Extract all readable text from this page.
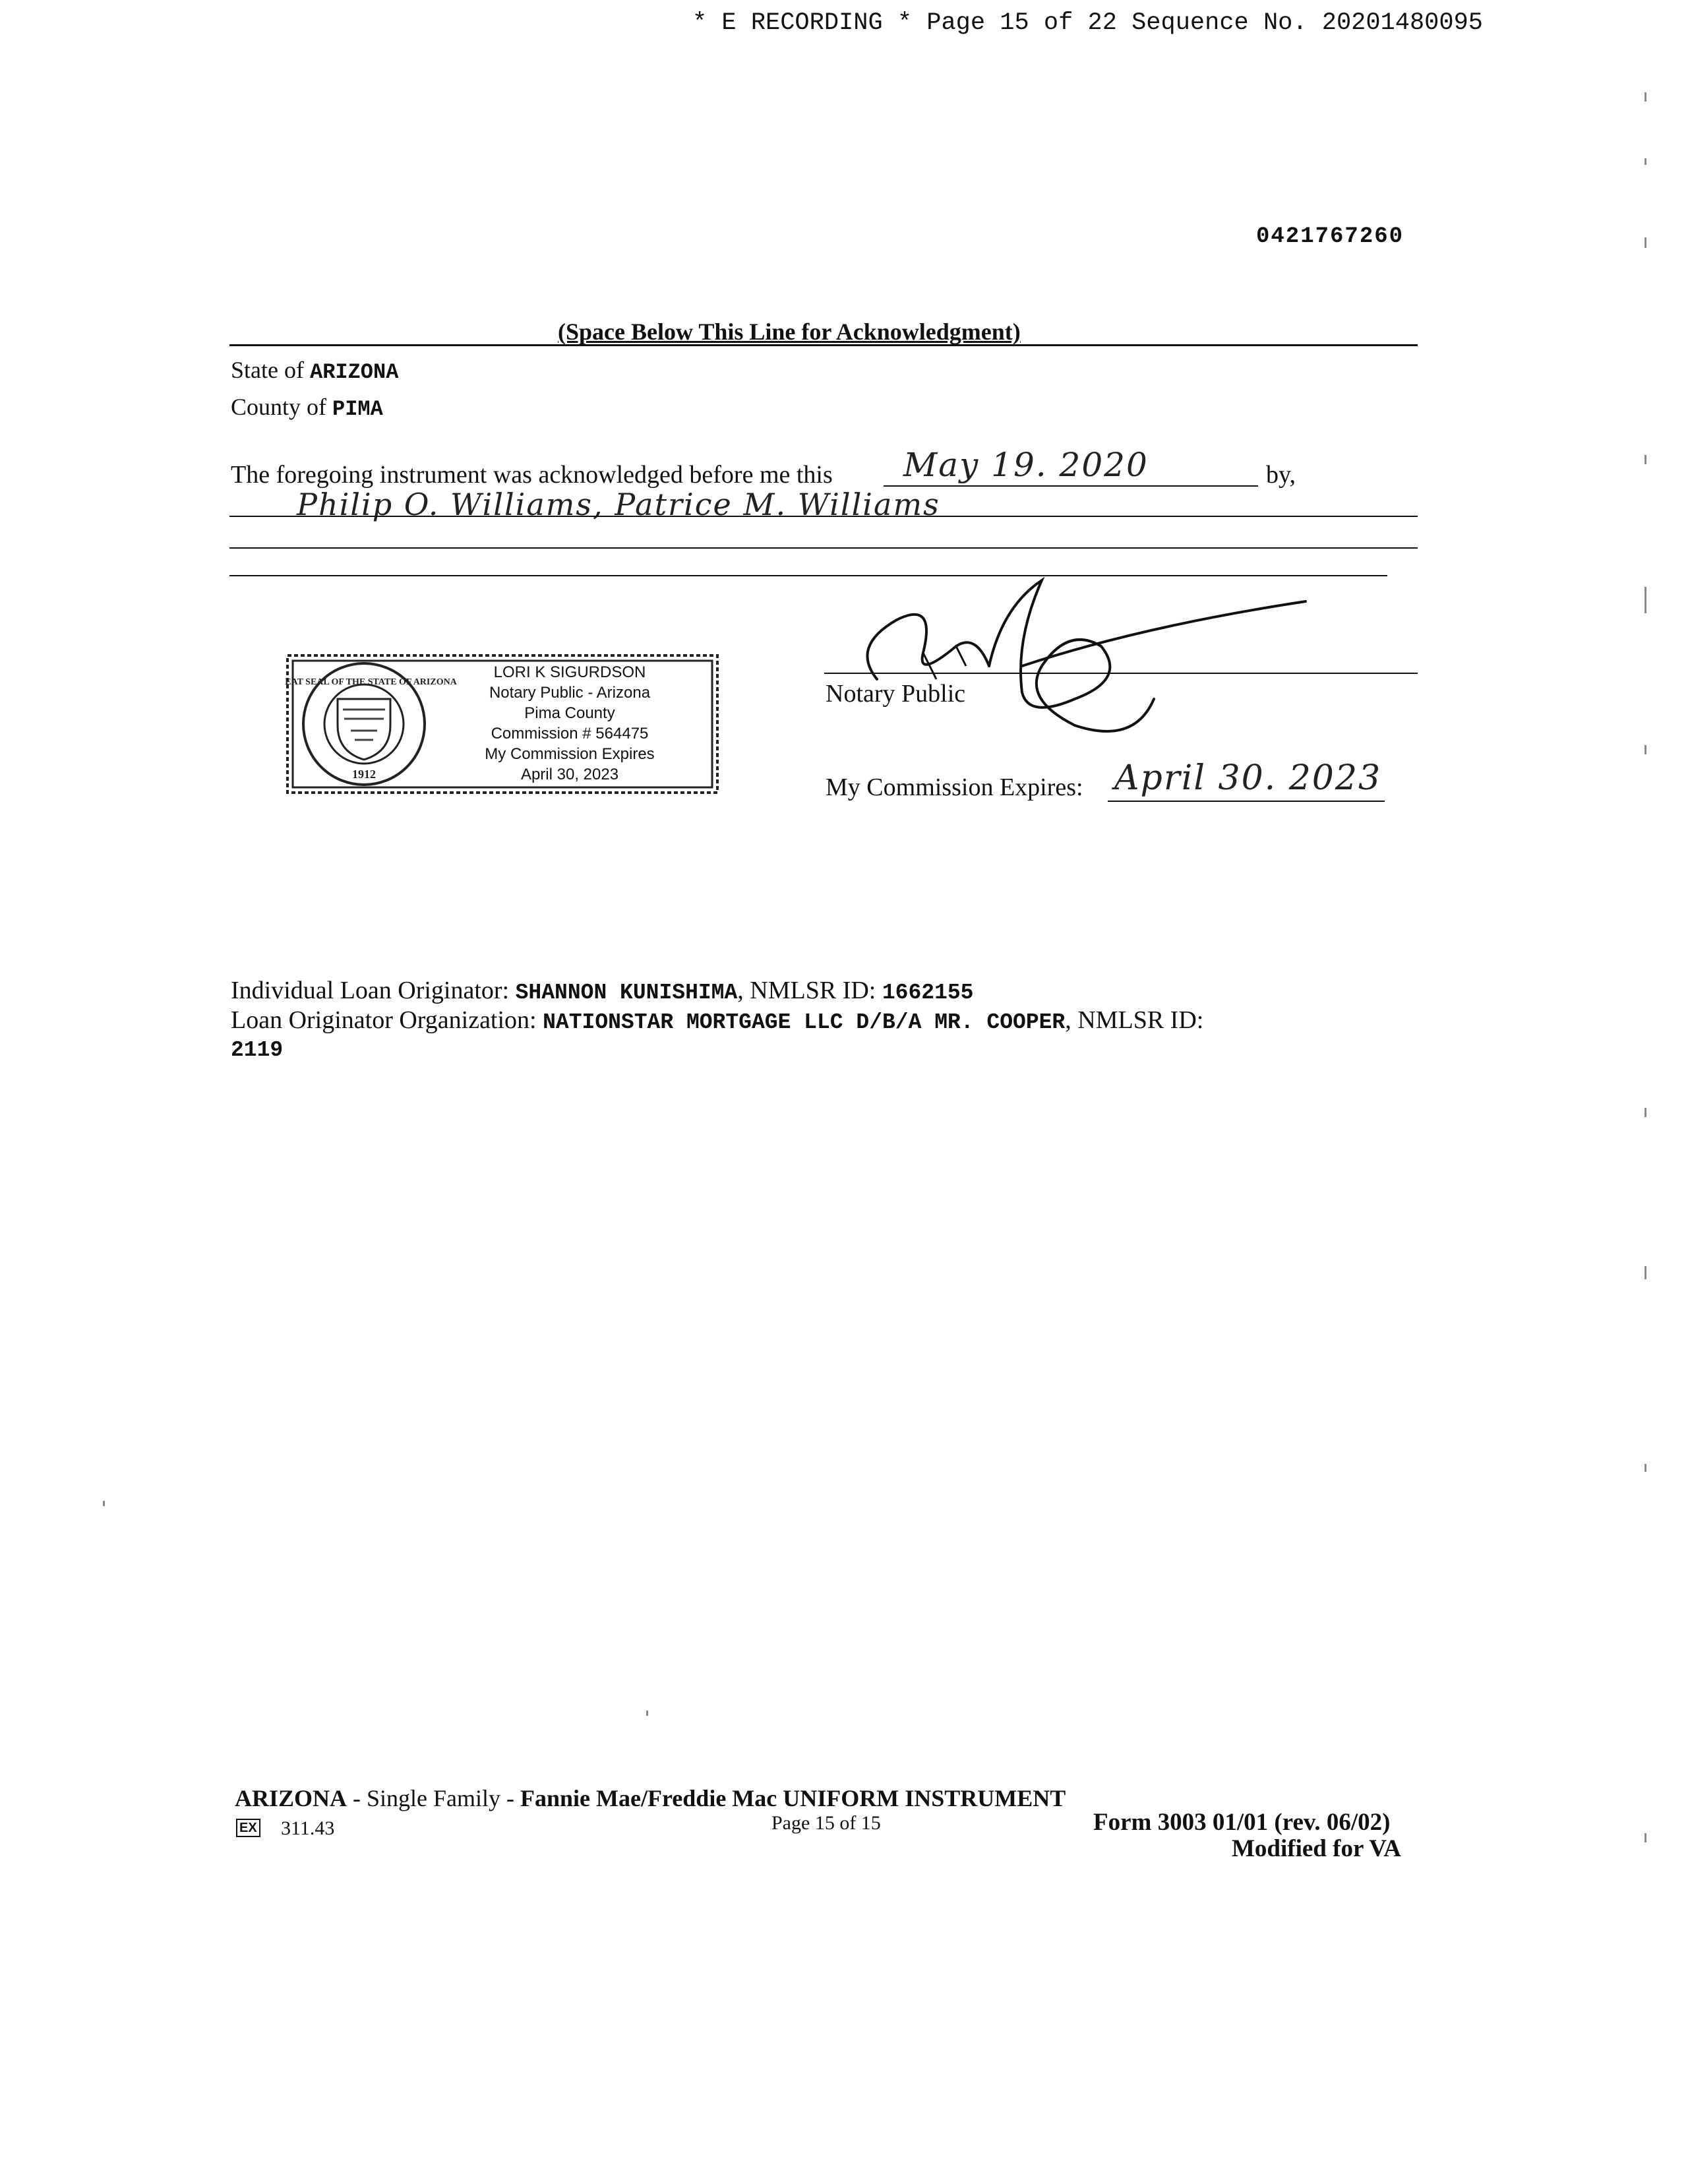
* E RECORDING * Page 15 of 22 Sequence No. 20201480095
0421767260
(Space Below This Line for Acknowledgment)
State of ARIZONA
County of PIMA
The foregoing instrument was acknowledged before me this May 19. 2020	by,
Philip O. Williams, Patrice M. Williams
GREAT SEAL OF THE STATE OF ARIZONA
1912
LORI K SIGURDSON
Notary Public - Arizona
Pima County
Commission # 564475
My Commission Expires
April 30, 2023
Notary Public
My Commission Expires: April 30. 2023
Individual Loan Originator: SHANNON KUNISHIMA, NMLSR ID: 1662155
Loan Originator Organization: NATIONSTAR MORTGAGE LLC D/B/A MR. COOPER, NMLSR ID:
2119
ARIZONA - Single Family - Fannie Mae/Freddie Mac UNIFORM INSTRUMENT
EX 311.43	Page 15 of 15	Form 3003 01/01 (rev. 06/02)
Modified for VA
